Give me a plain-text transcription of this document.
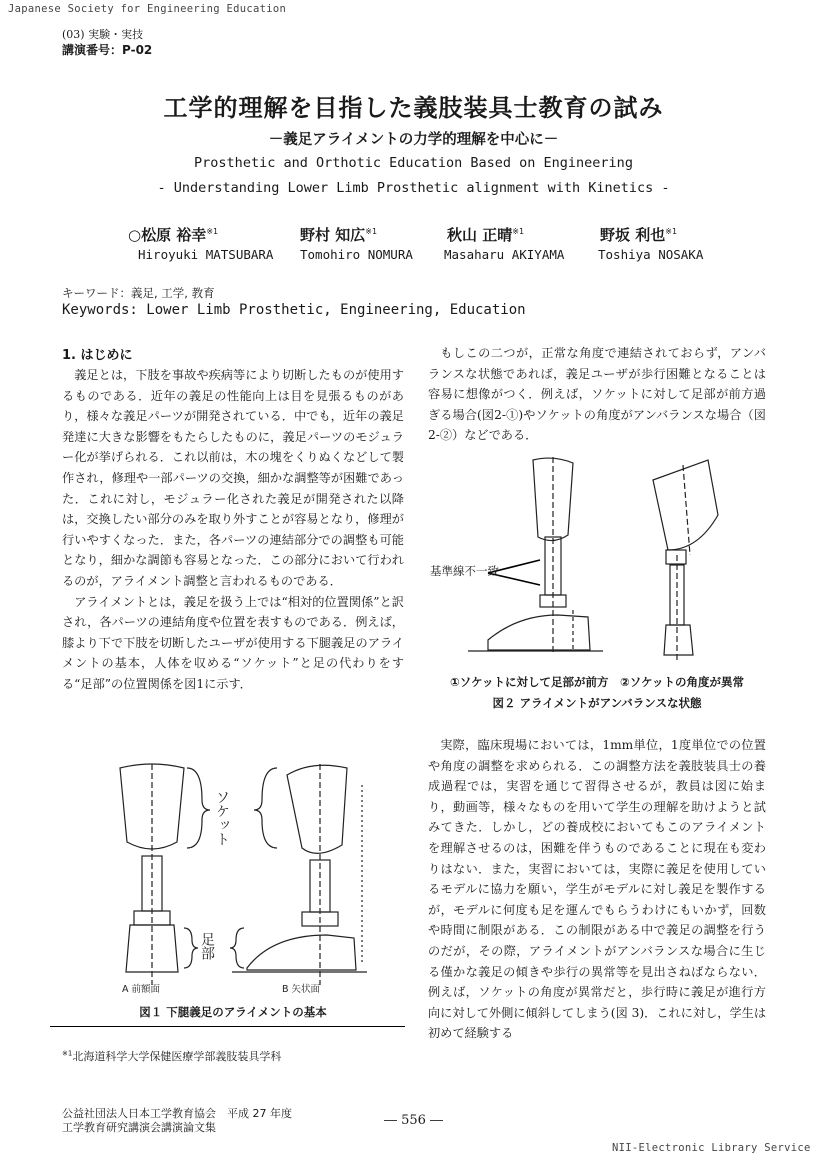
Japanese Society for Engineering Education
(03) 実験・実技
講演番号：P-02
工学的理解を目指した義肢装具士教育の試み
－義足アライメントの力学的理解を中心に－
Prosthetic and Orthotic Education Based on Engineering
- Understanding Lower Limb Prosthetic alignment with Kinetics -
○松原 裕幸$^{※1}$	野村 知広$^{※1}$	秋山 正晴$^{※1}$	野坂 利也$^{※1}$
Hiroyuki MATSUBARA Tomohiro NOMURA Masaharu AKIYAMA	Toshiya NOSAKA
キーワード：義足, 工学, 教育
Keywords: Lower Limb Prosthetic, Engineering, Education
1. はじめに

義足とは，下肢を事故や疾病等により切断したものが使用するものである．近年の義足の性能向上は目を見張るものがあり，様々な義足パーツが開発されている．中でも，近年の義足発達に大きな影響をもたらしたものに，義足パーツのモジュラー化が挙げられる．これ以前は，木の塊をくりぬくなどして製作され，修理や一部パーツの交換，細かな調整等が困難であった．これに対し，モジュラー化された義足が開発された以降は，交換したい部分のみを取り外すことが容易となり，修理が行いやすくなった．また，各パーツの連結部分での調整も可能となり，細かな調節も容易となった．この部分において行われるのが，アライメント調整と言われるものである．

アライメントとは，義足を扱う上では“相対的位置関係”と訳され，各パーツの連結角度や位置を表すものである．例えば，膝より下で下肢を切断したユーザが使用する下腿義足のアライメントの基本，人体を収める“ソケット”と足の代わりをする“足部”の位置関係を図1に示す．

もしこの二つが，正常な角度で連結されておらず，アンバランスな状態であれば，義足ユーザが歩行困難となることは容易に想像がつく．例えば，ソケットに対して足部が前方過ぎる場合(図2-①)やソケットの角度がアンバランスな場合（図2-②）などである．

基準線不一致
①ソケットに対して足部が前方　②ソケットの角度が異常
図２ アライメントがアンバランスな状態

実際，臨床現場においては，1mm単位，1度単位での位置や角度の調整を求められる．この調整方法を義肢装具士の養成過程では，実習を通じて習得させるが，教員は図に始まり，動画等，様々なものを用いて学生の理解を助けようと試みてきた．しかし，どの養成校においてもこのアライメントを理解させるのは，困難を伴うものであることに現在も変わりはない．また，実習においては，実際に義足を使用しているモデルに協力を願い，学生がモデルに対し義足を製作するが，モデルに何度も足を運んでもらうわけにもいかず，回数や時間に制限がある．この制限がある中で義足の調整を行うのだが，その際，アライメントがアンバランスな場合に生じる僅かな義足の傾きや歩行の異常等を見出さねばならない．例えば，ソケットの角度が異常だと，歩行時に義足が進行方向に対して外側に傾斜してしまう(図 3)．これに対し，学生は初めて経験する

ソケット
足部
A 前額面	B 矢状面
図１ 下腿義足のアライメントの基本
$^{※1}$北海道科学大学保健医療学部義肢装具学科
公益社団法人日本工学教育協会　平成 27 年度
工学教育研究講演会講演論文集	― 556 ―
NII-Electronic Library Service
